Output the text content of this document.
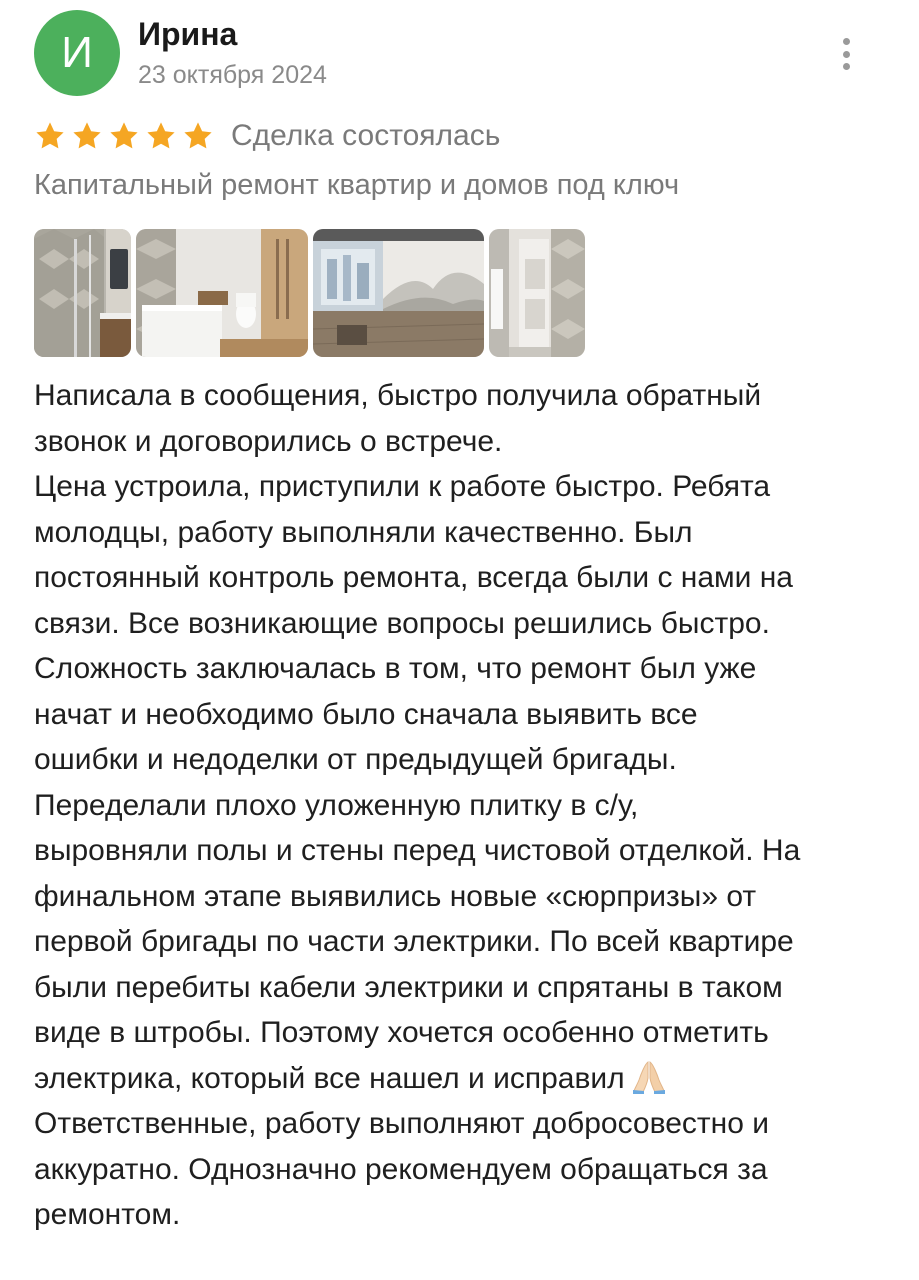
И	Ирина
23 октября 2024
Сделка состоялась
Капитальный ремонт квартир и домов под ключ

Написала в сообщения, быстро получила обратный

звонок и договорились о встрече.

Цена устроила, приступили к работе быстро. Ребята

молодцы, работу выполняли качественно. Был

постоянный контроль ремонта, всегда были с нами на

связи. Все возникающие вопросы решились быстро.

Сложность заключалась в том, что ремонт был уже

начат и необходимо было сначала выявить все

ошибки и недоделки от предыдущей бригады.

Переделали плохо уложенную плитку в с/у,

выровняли полы и стены перед чистовой отделкой. На

финальном этапе выявились новые «сюрпризы» от

первой бригады по части электрики. По всей квартире

были перебиты кабели электрики и спрятаны в таком

виде в штробы. Поэтому хочется особенно отметить

электрика, который все нашел и исправил

Ответственные, работу выполняют добросовестно и

аккуратно. Однозначно рекомендуем обращаться за

ремонтом.
